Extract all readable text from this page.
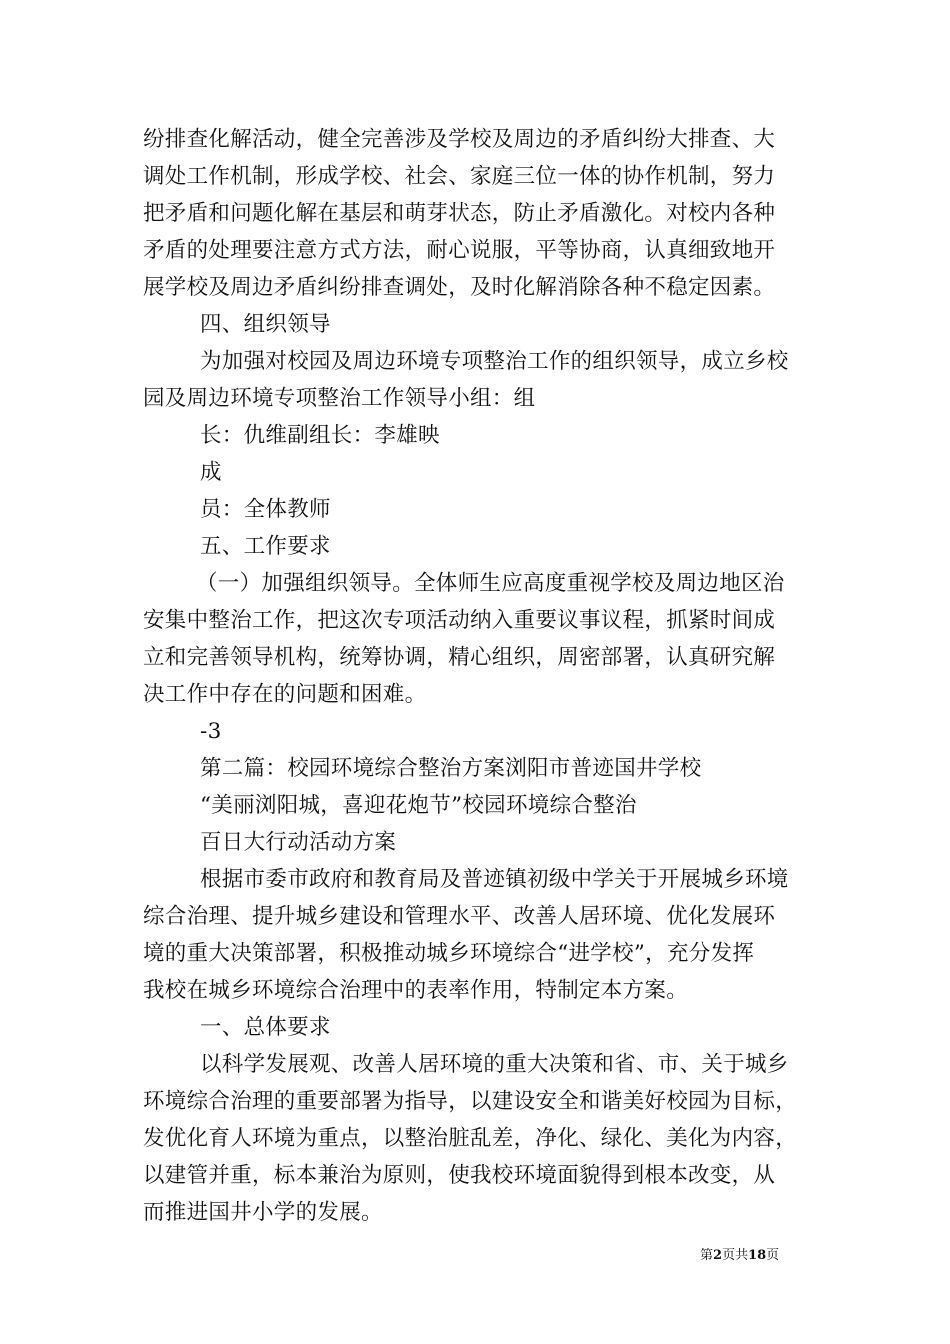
纷排查化解活动，健全完善涉及学校及周边的矛盾纠纷大排查、大
调处工作机制，形成学校、社会、家庭三位一体的协作机制，努力
把矛盾和问题化解在基层和萌芽状态，防止矛盾激化。对校内各种
矛盾的处理要注意方式方法，耐心说服，平等协商，认真细致地开
展学校及周边矛盾纠纷排查调处，及时化解消除各种不稳定因素。
四、组织领导
为加强对校园及周边环境专项整治工作的组织领导，成立乡校
园及周边环境专项整治工作领导小组：组
长：仇维副组长：李雄映
成
员：全体教师
五、工作要求
（一）加强组织领导。全体师生应高度重视学校及周边地区治
安集中整治工作，把这次专项活动纳入重要议事议程，抓紧时间成
立和完善领导机构，统筹协调，精心组织，周密部署，认真研究解
决工作中存在的问题和困难。
-3
第二篇：校园环境综合整治方案浏阳市普迹国井学校
“美丽浏阳城，喜迎花炮节”校园环境综合整治
百日大行动活动方案
根据市委市政府和教育局及普迹镇初级中学关于开展城乡环境
综合治理、提升城乡建设和管理水平、改善人居环境、优化发展环
境的重大决策部署，积极推动城乡环境综合“进学校”，充分发挥
我校在城乡环境综合治理中的表率作用，特制定本方案。
一、总体要求
以科学发展观、改善人居环境的重大决策和省、市、关于城乡
环境综合治理的重要部署为指导，以建设安全和谐美好校园为目标，
发优化育人环境为重点，以整治脏乱差，净化、绿化、美化为内容，
以建管并重，标本兼治为原则，使我校环境面貌得到根本改变，从
而推进国井小学的发展。
第2页共18页
